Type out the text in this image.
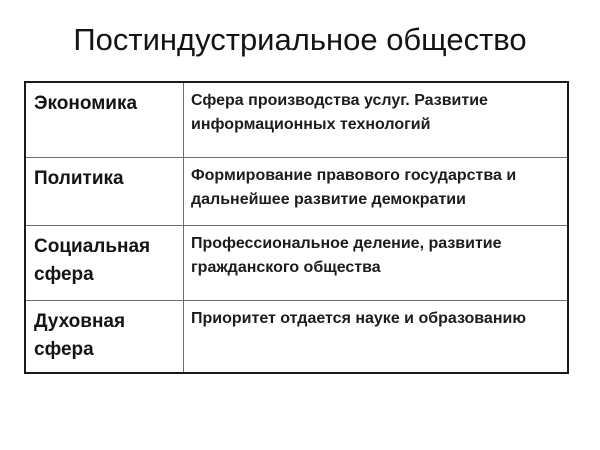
Постиндустриальное общество
Экономика	Сфера производства услуг. Развитие информационных технологий
Политика	Формирование правового государства и дальнейшее развитие демократии
Социальная сфера
Профессиональное деление, развитие гражданского общества
Духовная сфера
Приоритет отдается науке и образованию
